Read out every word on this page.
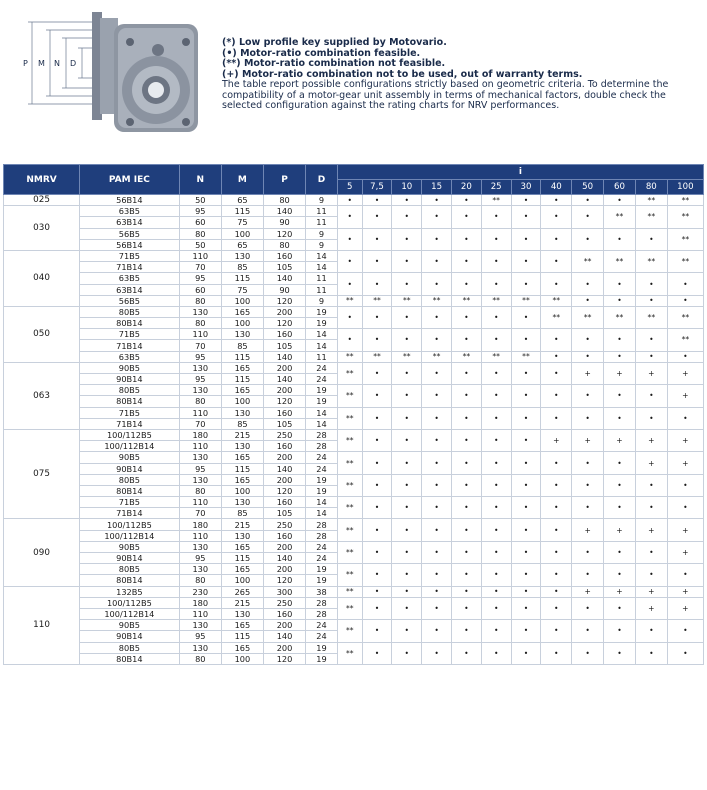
P M N D
(*) Low profile key supplied by Motovario.
(•) Motor-ratio combination feasible.
(**) Motor-ratio combination not feasible.
(+) Motor-ratio combination not to be used, out of warranty terms.

The table report possible configurations strictly based on geometric criteria. To determine the compatibility of a motor-gear unit assembly in terms of mechanical factors, double check the selected configuration against the rating charts for NRV performances.

NMRV	PAM IEC	N	M	P	D	i											
						5	7,5	10	15	20	25	30	40	50	60	80	100
025	56B14	50	65	80	9	•	•	•	•	•	**	•	•	•	•	**	**
030	63B5	95	115	140	11	•	•	•	•	•	•	•	•	•	**	**	**
	63B14	60	75	90	11												
	56B5	80	100	120	9	•	•	•	•	•	•	•	•	•	•	•	**
	56B14	50	65	80	9												
040	71B5	110	130	160	14	•	•	•	•	•	•	•	•	**	**	**	**
	71B14	70	85	105	14												
	63B5	95	115	140	11	•	•	•	•	•	•	•	•	•	•	•	•
	63B14	60	75	90	11												
	56B5	80	100	120	9	**	**	**	**	**	**	**	**	•	•	•	•
050	80B5	130	165	200	19	•	•	•	•	•	•	•	**	**	**	**	**
	80B14	80	100	120	19												
	71B5	110	130	160	14	•	•	•	•	•	•	•	•	•	•	•	**
	71B14	70	85	105	14												
	63B5	95	115	140	11	**	**	**	**	**	**	**	•	•	•	•	•
063	90B5	130	165	200	24	**	•	•	•	•	•	•	•	+	+	+	+
	90B14	95	115	140	24												
	80B5	130	165	200	19	**	•	•	•	•	•	•	•	•	•	•	+
	80B14	80	100	120	19												
	71B5	110	130	160	14	**	•	•	•	•	•	•	•	•	•	•	•
	71B14	70	85	105	14												
075	100/112B5	180	215	250	28	**	•	•	•	•	•	•	+	+	+	+	+
	100/112B14	110	130	160	28												
	90B5	130	165	200	24	**	•	•	•	•	•	•	•	•	•	+	+
	90B14	95	115	140	24												
	80B5	130	165	200	19	**	•	•	•	•	•	•	•	•	•	•	•
	80B14	80	100	120	19												
	71B5	110	130	160	14	**	•	•	•	•	•	•	•	•	•	•	•
	71B14	70	85	105	14												
090	100/112B5	180	215	250	28	**	•	•	•	•	•	•	•	+	+	+	+
	100/112B14	110	130	160	28												
	90B5	130	165	200	24	**	•	•	•	•	•	•	•	•	•	•	+
	90B14	95	115	140	24												
	80B5	130	165	200	19	**	•	•	•	•	•	•	•	•	•	•	•
	80B14	80	100	120	19												
110	132B5	230	265	300	38	**	•	•	•	•	•	•	•	+	+	+	+
	100/112B5	180	215	250	28	**	•	•	•	•	•	•	•	•	•	+	+
	100/112B14	110	130	160	28												
	90B5	130	165	200	24	**	•	•	•	•	•	•	•	•	•	•	•
	90B14	95	115	140	24												
	80B5	130	165	200	19	**	•	•	•	•	•	•	•	•	•	•	•
	80B14	80	100	120	19												
